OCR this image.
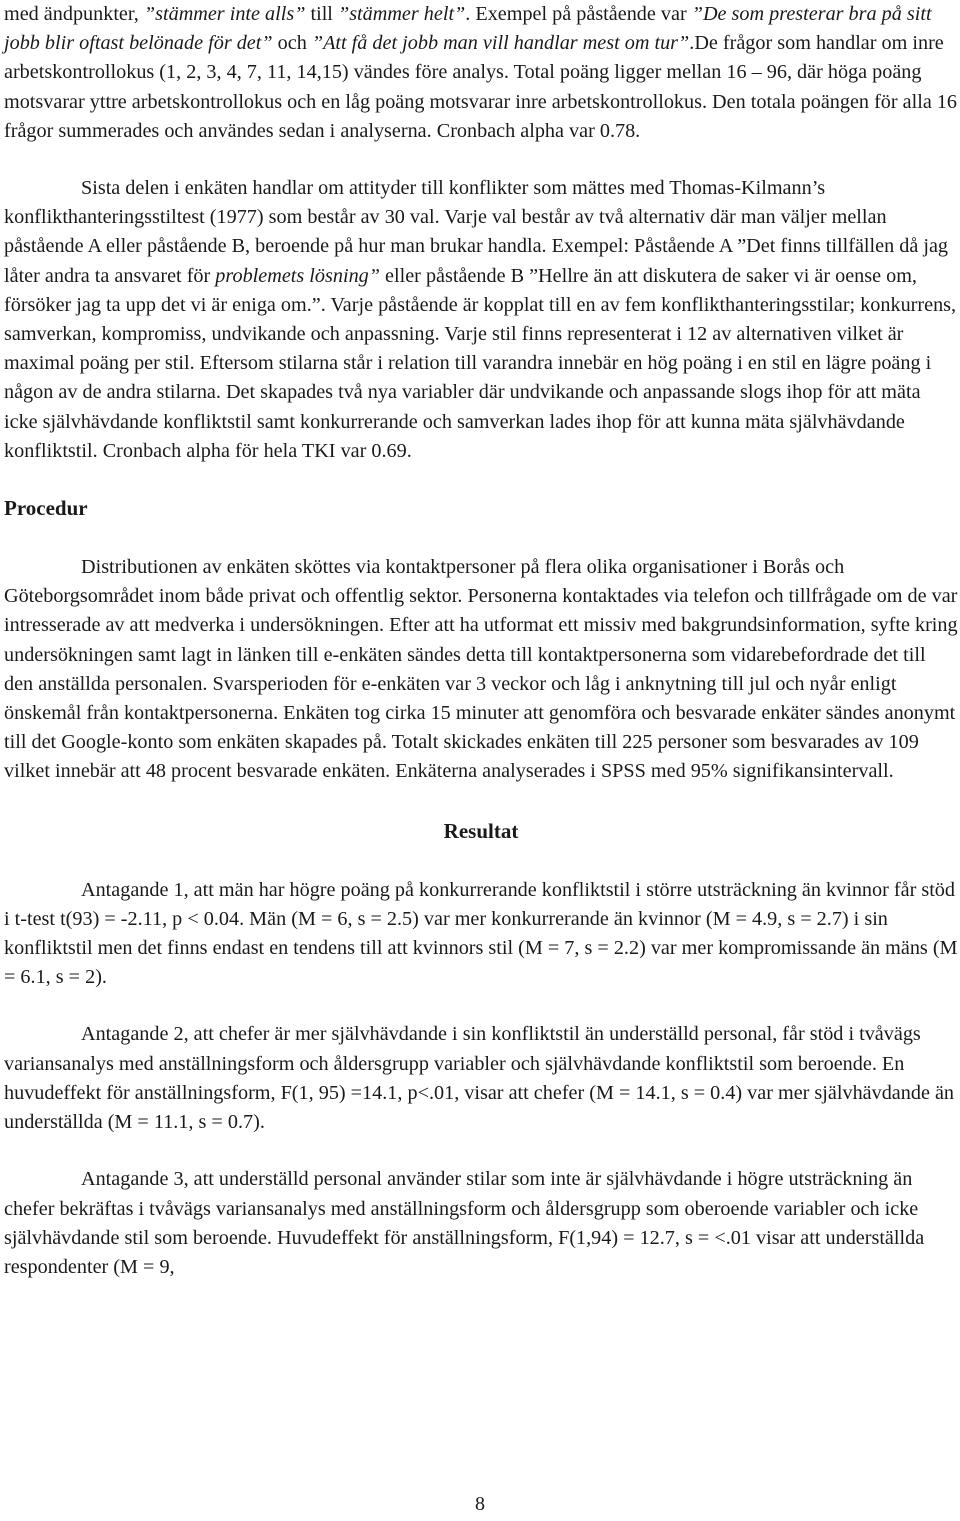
med ändpunkter, ”stämmer inte alls” till ”stämmer helt”. Exempel på påstående var ”De som presterar bra på sitt jobb blir oftast belönade för det” och ”Att få det jobb man vill handlar mest om tur”.De frågor som handlar om inre arbetskontrollokus (1, 2, 3, 4, 7, 11, 14,15) vändes före analys. Total poäng ligger mellan 16 – 96, där höga poäng motsvarar yttre arbetskontrollokus och en låg poäng motsvarar inre arbetskontrollokus. Den totala poängen för alla 16 frågor summerades och användes sedan i analyserna. Cronbach alpha var 0.78.

Sista delen i enkäten handlar om attityder till konflikter som mättes med Thomas-Kilmann’s konflikthanteringsstiltest (1977) som består av 30 val. Varje val består av två alternativ där man väljer mellan påstående A eller påstående B, beroende på hur man brukar handla. Exempel: Påstående A ”Det finns tillfällen då jag låter andra ta ansvaret för problemets lösning” eller påstående B ”Hellre än att diskutera de saker vi är oense om, försöker jag ta upp det vi är eniga om.”. Varje påstående är kopplat till en av fem konflikthanteringsstilar; konkurrens, samverkan, kompromiss, undvikande och anpassning. Varje stil finns representerat i 12 av alternativen vilket är maximal poäng per stil. Eftersom stilarna står i relation till varandra innebär en hög poäng i en stil en lägre poäng i någon av de andra stilarna. Det skapades två nya variabler där undvikande och anpassande slogs ihop för att mäta icke självhävdande konfliktstil samt konkurrerande och samverkan lades ihop för att kunna mäta självhävdande konfliktstil. Cronbach alpha för hela TKI var 0.69.

Procedur

Distributionen av enkäten sköttes via kontaktpersoner på flera olika organisationer i Borås och Göteborgsområdet inom både privat och offentlig sektor. Personerna kontaktades via telefon och tillfrågade om de var intresserade av att medverka i undersökningen. Efter att ha utformat ett missiv med bakgrundsinformation, syfte kring undersökningen samt lagt in länken till e-enkäten sändes detta till kontaktpersonerna som vidarebefordrade det till den anställda personalen. Svarsperioden för e-enkäten var 3 veckor och låg i anknytning till jul och nyår enligt önskemål från kontaktpersonerna. Enkäten tog cirka 15 minuter att genomföra och besvarade enkäter sändes anonymt till det Google-konto som enkäten skapades på. Totalt skickades enkäten till 225 personer som besvarades av 109 vilket innebär att 48 procent besvarade enkäten. Enkäterna analyserades i SPSS med 95% signifikansintervall.

Resultat

Antagande 1, att män har högre poäng på konkurrerande konfliktstil i större utsträckning än kvinnor får stöd i t-test t(93) = -2.11, p < 0.04. Män (M = 6, s = 2.5) var mer konkurrerande än kvinnor (M = 4.9, s = 2.7) i sin konfliktstil men det finns endast en tendens till att kvinnors stil (M = 7, s = 2.2) var mer kompromissande än mäns (M = 6.1, s = 2).

Antagande 2, att chefer är mer självhävdande i sin konfliktstil än underställd personal, får stöd i tvåvägs variansanalys med anställningsform och åldersgrupp variabler och självhävdande konfliktstil som beroende. En huvudeffekt för anställningsform, F(1, 95) =14.1, p<.01, visar att chefer (M = 14.1, s = 0.4) var mer självhävdande än underställda (M = 11.1, s = 0.7).

Antagande 3, att underställd personal använder stilar som inte är självhävdande i högre utsträckning än chefer bekräftas i tvåvägs variansanalys med anställningsform och åldersgrupp som oberoende variabler och icke självhävdande stil som beroende. Huvudeffekt för anställningsform, F(1,94) = 12.7, s = <.01 visar att underställda respondenter (M = 9,

8
